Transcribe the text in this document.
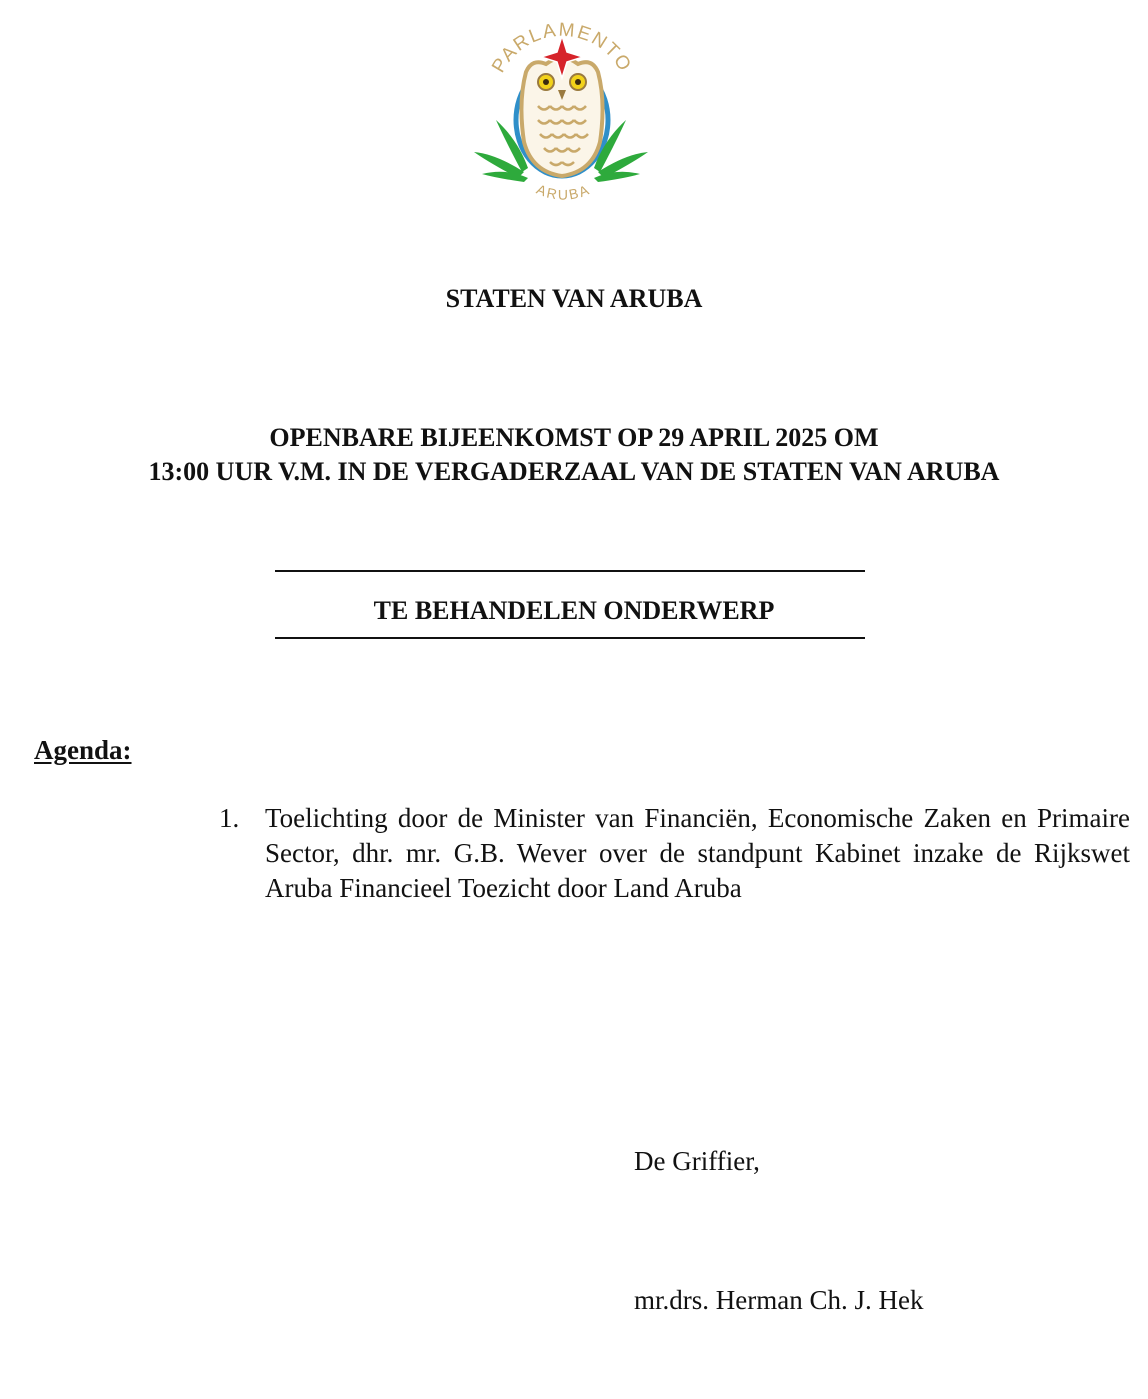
PARLAMENTO
ARUBA
STATEN VAN ARUBA
OPENBARE BIJEENKOMST OP 29 APRIL 2025 OM
13:00 UUR V.M. IN DE VERGADERZAAL VAN DE STATEN VAN ARUBA
TE BEHANDELEN ONDERWERP
Agenda:
1. Toelichting door de Minister van Financiën, Economische Zaken en Primaire Sector, dhr. mr. G.B. Wever over de standpunt Kabinet inzake de Rijkswet Aruba Financieel Toezicht door Land Aruba
De Griffier,
mr.drs. Herman Ch. J. Hek
